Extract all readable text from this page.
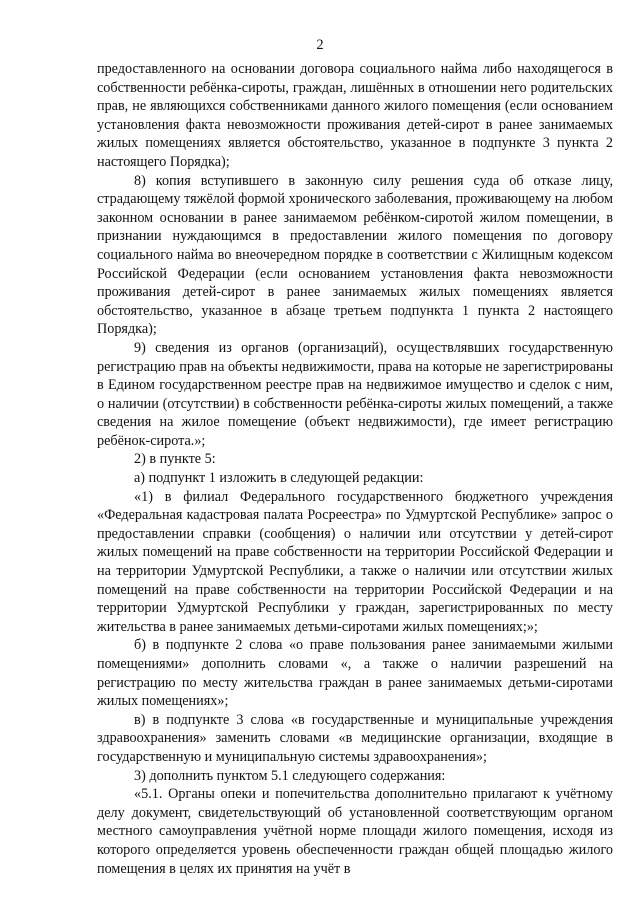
2

предоставленного на основании договора социального найма либо находящегося в собственности ребёнка-сироты, граждан, лишённых в отношении него родительских прав, не являющихся собственниками данного жилого помещения (если основанием установления факта невозможности проживания детей-сирот в ранее занимаемых жилых помещениях является обстоятельство, указанное в подпункте 3 пункта 2 настоящего Порядка);

8) копия вступившего в законную силу решения суда об отказе лицу, страдающему тяжёлой формой хронического заболевания, проживающему на любом законном основании в ранее занимаемом ребёнком-сиротой жилом помещении, в признании нуждающимся в предоставлении жилого помещения по договору социального найма во внеочередном порядке в соответствии с Жилищным кодексом Российской Федерации (если основанием установления факта невозможности проживания детей-сирот в ранее занимаемых жилых помещениях является обстоятельство, указанное в абзаце третьем подпункта 1 пункта 2 настоящего Порядка);

9) сведения из органов (организаций), осуществлявших государственную регистрацию прав на объекты недвижимости, права на которые не зарегистрированы в Едином государственном реестре прав на недвижимое имущество и сделок с ним, о наличии (отсутствии) в собственности ребёнка-сироты жилых помещений, а также сведения на жилое помещение (объект недвижимости), где имеет регистрацию ребёнок-сирота.»;

2) в пункте 5:

а) подпункт 1 изложить в следующей редакции:

«1) в филиал Федерального государственного бюджетного учреждения «Федеральная кадастровая палата Росреестра» по Удмуртской Республике» запрос о предоставлении справки (сообщения) о наличии или отсутствии у детей-сирот жилых помещений на праве собственности на территории Российской Федерации и на территории Удмуртской Республики, а также о наличии или отсутствии жилых помещений на праве собственности на территории Российской Федерации и на территории Удмуртской Республики у граждан, зарегистрированных по месту жительства в ранее занимаемых детьми-сиротами жилых помещениях;»;

б) в подпункте 2 слова «о праве пользования ранее занимаемыми жилыми помещениями» дополнить словами «, а также о наличии разрешений на регистрацию по месту жительства граждан в ранее занимаемых детьми-сиротами жилых помещениях»;

в) в подпункте 3 слова «в государственные и муниципальные учреждения здравоохранения» заменить словами «в медицинские организации, входящие в государственную и муниципальную системы здравоохранения»;

3) дополнить пунктом 5.1 следующего содержания:

«5.1. Органы опеки и попечительства дополнительно прилагают к учётному делу документ, свидетельствующий об установленной соответствующим органом местного самоуправления учётной норме площади жилого помещения, исходя из которого определяется уровень обеспеченности граждан общей площадью жилого помещения в целях их принятия на учёт в
